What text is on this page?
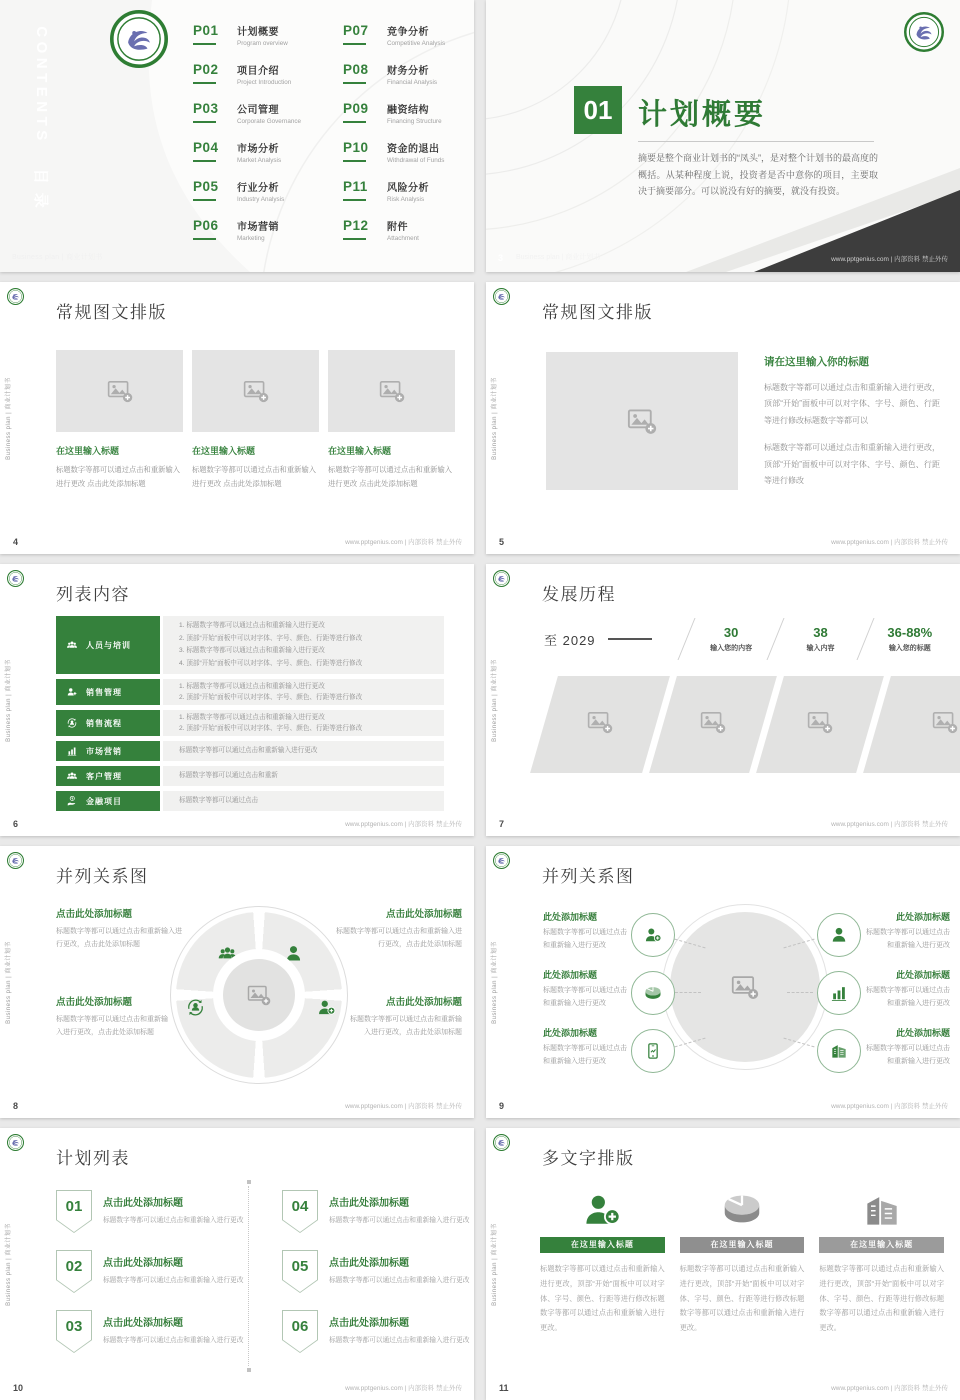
CONTENTS
目录
P01	计划概要
Program overview
P02	项目介绍
Project Introduction
P03	公司管理
Corporate Governance
P04	市场分析
Market Analysis
P05	行业分析
Industry Analysis
P06	市场营销
Marketing
P07	竞争分析
Competitive Analysis
P08	财务分析
Financial Analysis
P09	融资结构
Financing Structure
P10	资金的退出
Withdrawal of Funds
P11	风险分析
Risk Analysis
P12	附件
Attachment
Business plan | 商业计划书
01 计划概要
摘要是整个商业计划书的“凤头”，是对整个计划书的最高度的概括。从某种程度上说，投资者是否中意你的项目，主要取决于摘要部分。可以说没有好的摘要，就没有投资。
3 Business plan | 商业计划书	www.pptgenius.com | 内部资料 禁止外传
Business plan | 商业计划书
常规图文排版
在这里输入标题
标题数字等都可以通过点击和重新输入进行更改 点击此处添加标题
在这里输入标题
标题数字等都可以通过点击和重新输入进行更改 点击此处添加标题
在这里输入标题
标题数字等都可以通过点击和重新输入进行更改 点击此处添加标题
4	www.pptgenius.com | 内部资料 禁止外传
Business plan | 商业计划书
常规图文排版
请在这里输入你的标题
标题数字等都可以通过点击和重新输入进行更改，顶部“开始”面板中可以对字体、字号、颜色、行距等进行修改标题数字等都可以
标题数字等都可以通过点击和重新输入进行更改，顶部“开始”面板中可以对字体、字号、颜色、行距等进行修改
5	www.pptgenius.com | 内部资料 禁止外传
Business plan | 商业计划书
列表内容
人员与培训
1. 标题数字等都可以通过点击和重新输入进行更改
2. 顶部“开始”面板中可以对字体、字号、颜色、行距等进行修改
3. 标题数字等都可以通过点击和重新输入进行更改
4. 顶部“开始”面板中可以对字体、字号、颜色、行距等进行修改
销售管理
1. 标题数字等都可以通过点击和重新输入进行更改
2. 顶部“开始”面板中可以对字体、字号、颜色、行距等进行修改
销售流程
1. 标题数字等都可以通过点击和重新输入进行更改
2. 顶部“开始”面板中可以对字体、字号、颜色、行距等进行修改
市场营销	标题数字等都可以通过点击和重新输入进行更改
客户管理	标题数字等都可以通过点击和重新
金融项目	标题数字等都可以通过点击
6	www.pptgenius.com | 内部资料 禁止外传
Business plan | 商业计划书
发展历程
至 2029	30
输入您的内容
38
输入内容
36-88%
输入您的标题
7	www.pptgenius.com | 内部资料 禁止外传
Business plan | 商业计划书
并列关系图
点击此处添加标题
标题数字等都可以通过点击和重新输入进行更改，点击此处添加标题
点击此处添加标题
标题数字等都可以通过点击和重新输入进行更改，点击此处添加标题
点击此处添加标题
标题数字等都可以通过点击和重新输入进行更改，点击此处添加标题
点击此处添加标题
标题数字等都可以通过点击和重新输入进行更改，点击此处添加标题
8	www.pptgenius.com | 内部资料 禁止外传
Business plan | 商业计划书
并列关系图
此处添加标题
标题数字等都可以通过点击和重新输入进行更改
此处添加标题
标题数字等都可以通过点击和重新输入进行更改
此处添加标题
标题数字等都可以通过点击和重新输入进行更改
此处添加标题
标题数字等都可以通过点击和重新输入进行更改
此处添加标题
标题数字等都可以通过点击和重新输入进行更改
此处添加标题
标题数字等都可以通过点击和重新输入进行更改
9	www.pptgenius.com | 内部资料 禁止外传
Business plan | 商业计划书
计划列表
01	点击此处添加标题
标题数字等都可以通过点击和重新输入进行更改
02	点击此处添加标题
标题数字等都可以通过点击和重新输入进行更改
03	点击此处添加标题
标题数字等都可以通过点击和重新输入进行更改
04	点击此处添加标题
标题数字等都可以通过点击和重新输入进行更改
05	点击此处添加标题
标题数字等都可以通过点击和重新输入进行更改
06	点击此处添加标题
标题数字等都可以通过点击和重新输入进行更改
10	www.pptgenius.com | 内部资料 禁止外传
Business plan | 商业计划书
多文字排版
在这里输入标题
标题数字等都可以通过点击和重新输入进行更改，顶部“开始”面板中可以对字体、字号、颜色、行距等进行修改标题数字等都可以通过点击和重新输入进行更改。
在这里输入标题
标题数字等都可以通过点击和重新输入进行更改，顶部“开始”面板中可以对字体、字号、颜色、行距等进行修改标题数字等都可以通过点击和重新输入进行更改。
在这里输入标题
标题数字等都可以通过点击和重新输入进行更改，顶部“开始”面板中可以对字体、字号、颜色、行距等进行修改标题数字等都可以通过点击和重新输入进行更改。
11	www.pptgenius.com | 内部资料 禁止外传
